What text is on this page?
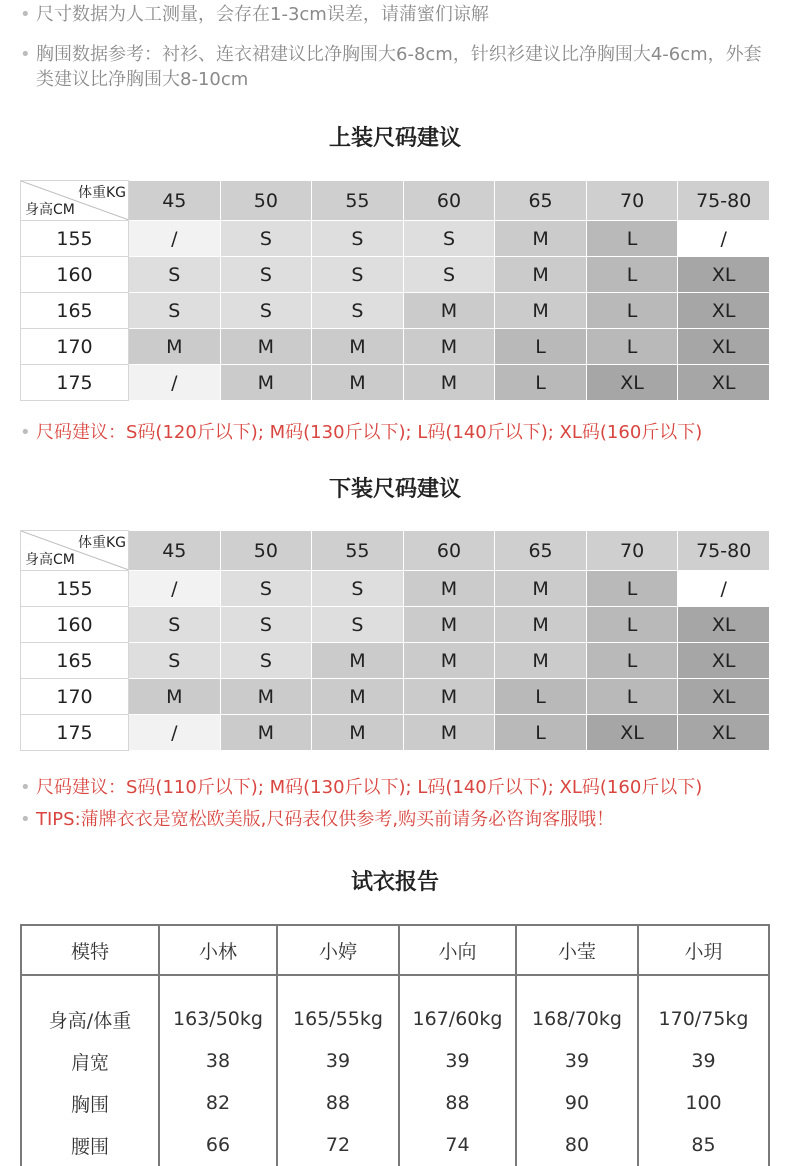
• 尺寸数据为人工测量，会存在1-3cm误差，请蒲蜜们谅解
• 胸围数据参考：衬衫、连衣裙建议比净胸围大6-8cm，针织衫建议比净胸围大4-6cm，外套类建议比净胸围大8-10cm
上装尺码建议
体重KG
身高CM	45	50	55	60	65	70	75-80
155	/	S	S	S	M	L	/
160	S	S	S	S	M	L	XL
165	S	S	S	M	M	L	XL
170	M	M	M	M	L	L	XL
175	/	M	M	M	L	XL	XL
• 尺码建议：S码(120斤以下); M码(130斤以下); L码(140斤以下); XL码(160斤以下)
下装尺码建议
体重KG
身高CM	45	50	55	60	65	70	75-80
155	/	S	S	M	M	L	/
160	S	S	S	M	M	L	XL
165	S	S	M	M	M	L	XL
170	M	M	M	M	L	L	XL
175	/	M	M	M	L	XL	XL
• 尺码建议：S码(110斤以下); M码(130斤以下); L码(140斤以下); XL码(160斤以下)
• TIPS:蒲牌衣衣是宽松欧美版,尺码表仅供参考,购买前请务必咨询客服哦！
试衣报告
模特	小林	小婷	小向	小莹	小玥

身高/体重	163/50kg	165/55kg	167/60kg	168/70kg	170/75kg
肩宽	38	39	39	39	39
胸围	82	88	88	90	100
腰围	66	72	74	80	85
